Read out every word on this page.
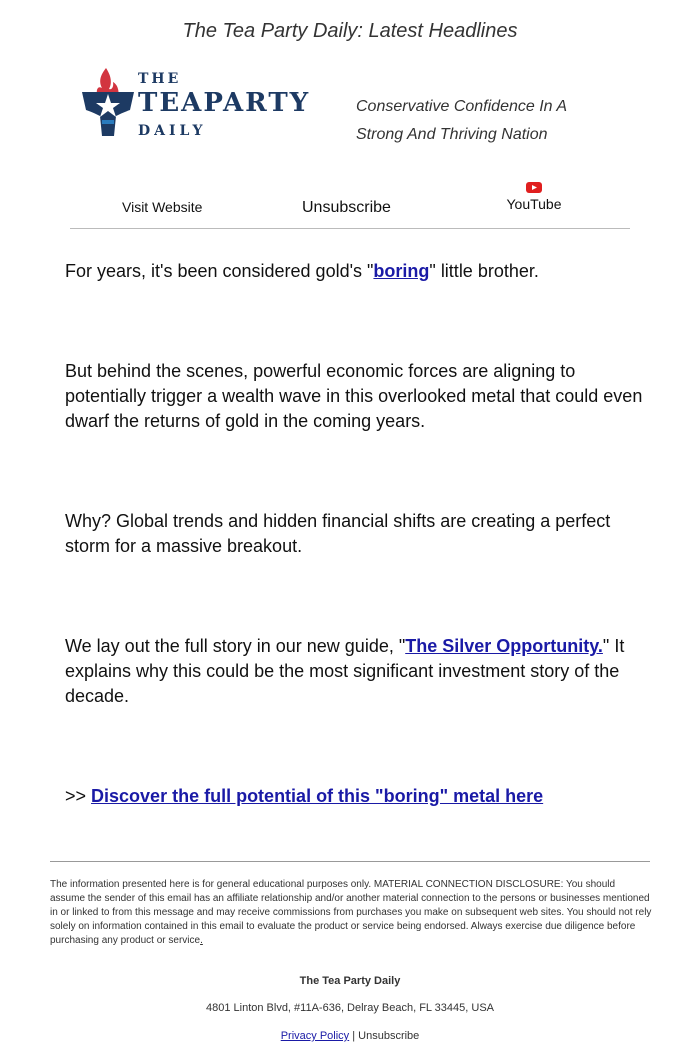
The Tea Party Daily: Latest Headlines
THE
TEAPARTY
DAILY
Conservative Confidence In A
Strong And Thriving Nation
Visit Website	Unsubscribe	YouTube

For years, it's been considered gold's "boring" little brother.

But behind the scenes, powerful economic forces are aligning to potentially trigger a wealth wave in this overlooked metal that could even dwarf the returns of gold in the coming years.

Why? Global trends and hidden financial shifts are creating a perfect storm for a massive breakout.

We lay out the full story in our new guide, "The Silver Opportunity." It explains why this could be the most significant investment story of the decade.

>> Discover the full potential of this "boring" metal here

The information presented here is for general educational purposes only. MATERIAL CONNECTION DISCLOSURE: You should assume the sender of this email has an affiliate relationship and/or another material connection to the persons or businesses mentioned in or linked to from this message and may receive commissions from purchases you make on subsequent web sites. You should not rely solely on information contained in this email to evaluate the product or service being endorsed. Always exercise due diligence before purchasing any product or service.

The Tea Party Daily
4801 Linton Blvd, #11A-636, Delray Beach, FL 33445, USA
Privacy Policy | Unsubscribe
